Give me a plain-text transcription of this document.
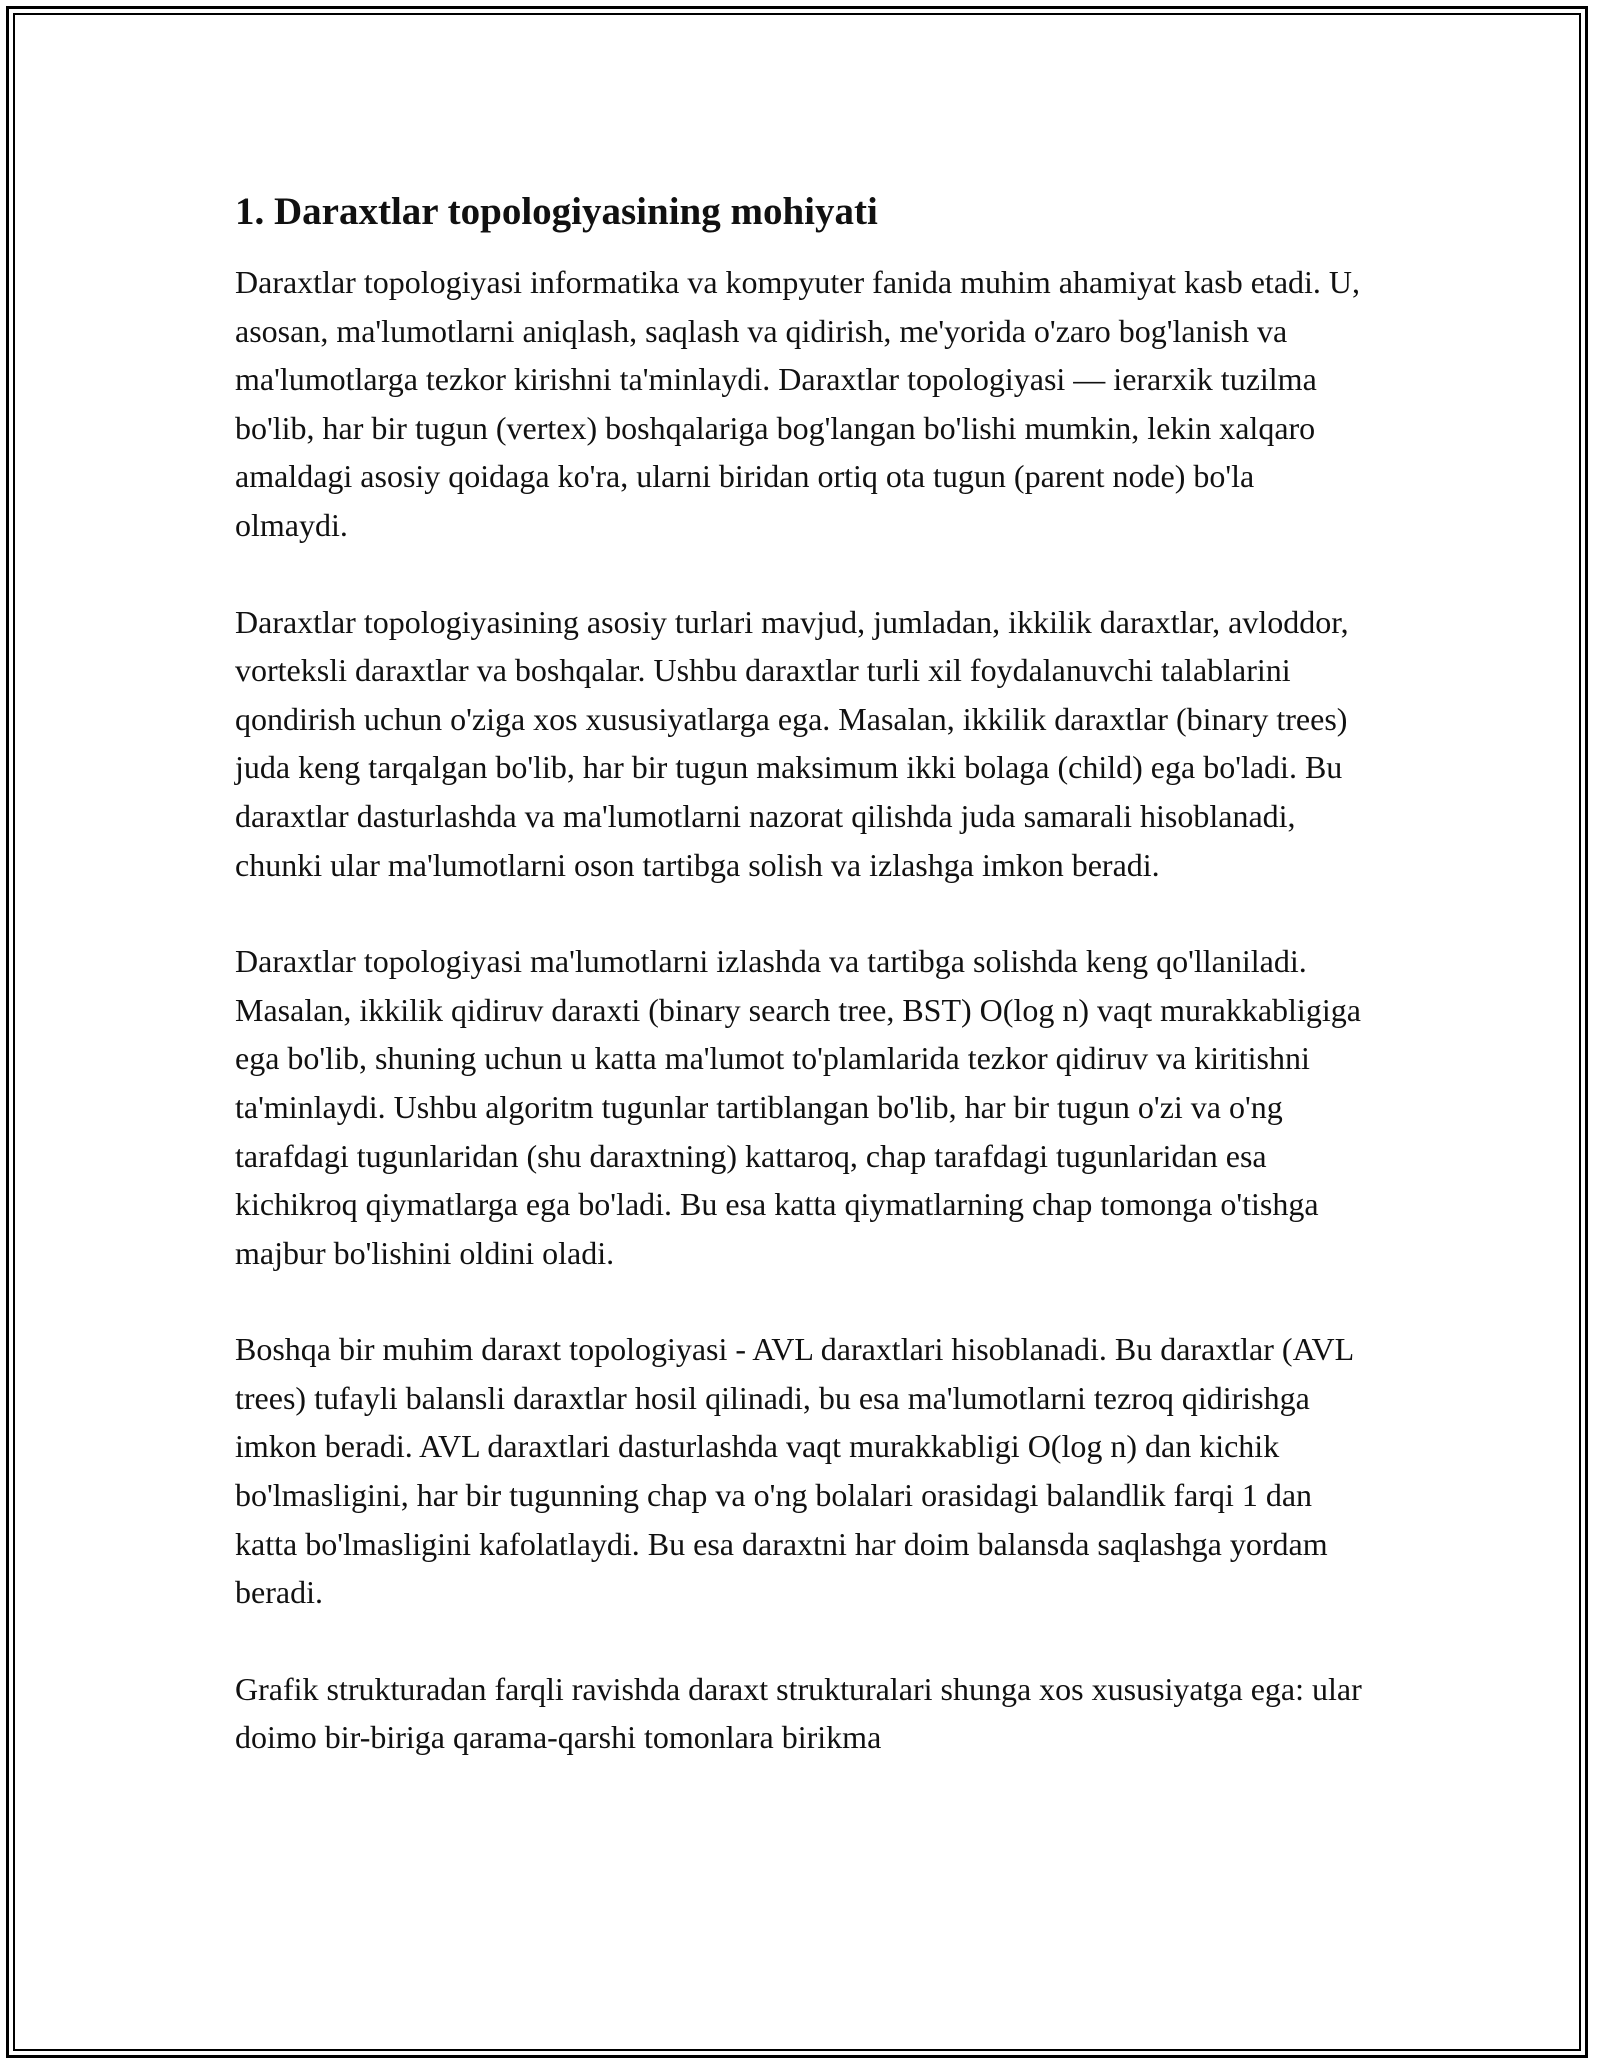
1. Daraxtlar topologiyasining mohiyati

Daraxtlar topologiyasi informatika va kompyuter fanida muhim ahamiyat kasb etadi. U, asosan, ma'lumotlarni aniqlash, saqlash va qidirish, me'yorida o'zaro bog'lanish va ma'lumotlarga tezkor kirishni ta'minlaydi. Daraxtlar topologiyasi — ierarxik tuzilma bo'lib, har bir tugun (vertex) boshqalariga bog'langan bo'lishi mumkin, lekin xalqaro amaldagi asosiy qoidaga ko'ra, ularni biridan ortiq ota tugun (parent node) bo'la olmaydi.

Daraxtlar topologiyasining asosiy turlari mavjud, jumladan, ikkilik daraxtlar, avloddor, vorteksli daraxtlar va boshqalar. Ushbu daraxtlar turli xil foydalanuvchi talablarini qondirish uchun o'ziga xos xususiyatlarga ega. Masalan, ikkilik daraxtlar (binary trees) juda keng tarqalgan bo'lib, har bir tugun maksimum ikki bolaga (child) ega bo'ladi. Bu daraxtlar dasturlashda va ma'lumotlarni nazorat qilishda juda samarali hisoblanadi, chunki ular ma'lumotlarni oson tartibga solish va izlashga imkon beradi.

Daraxtlar topologiyasi ma'lumotlarni izlashda va tartibga solishda keng qo'llaniladi. Masalan, ikkilik qidiruv daraxti (binary search tree, BST) O(log n) vaqt murakkabligiga ega bo'lib, shuning uchun u katta ma'lumot to'plamlarida tezkor qidiruv va kiritishni ta'minlaydi. Ushbu algoritm tugunlar tartiblangan bo'lib, har bir tugun o'zi va o'ng tarafdagi tugunlaridan (shu daraxtning) kattaroq, chap tarafdagi tugunlaridan esa kichikroq qiymatlarga ega bo'ladi. Bu esa katta qiymatlarning chap tomonga o'tishga majbur bo'lishini oldini oladi.

Boshqa bir muhim daraxt topologiyasi - AVL daraxtlari hisoblanadi. Bu daraxtlar (AVL trees) tufayli balansli daraxtlar hosil qilinadi, bu esa ma'lumotlarni tezroq qidirishga imkon beradi. AVL daraxtlari dasturlashda vaqt murakkabligi O(log n) dan kichik bo'lmasligini, har bir tugunning chap va o'ng bolalari orasidagi balandlik farqi 1 dan katta bo'lmasligini kafolatlaydi. Bu esa daraxtni har doim balansda saqlashga yordam beradi.

Grafik strukturadan farqli ravishda daraxt strukturalari shunga xos xususiyatga ega: ular doimo bir-biriga qarama-qarshi tomonlara birikma
